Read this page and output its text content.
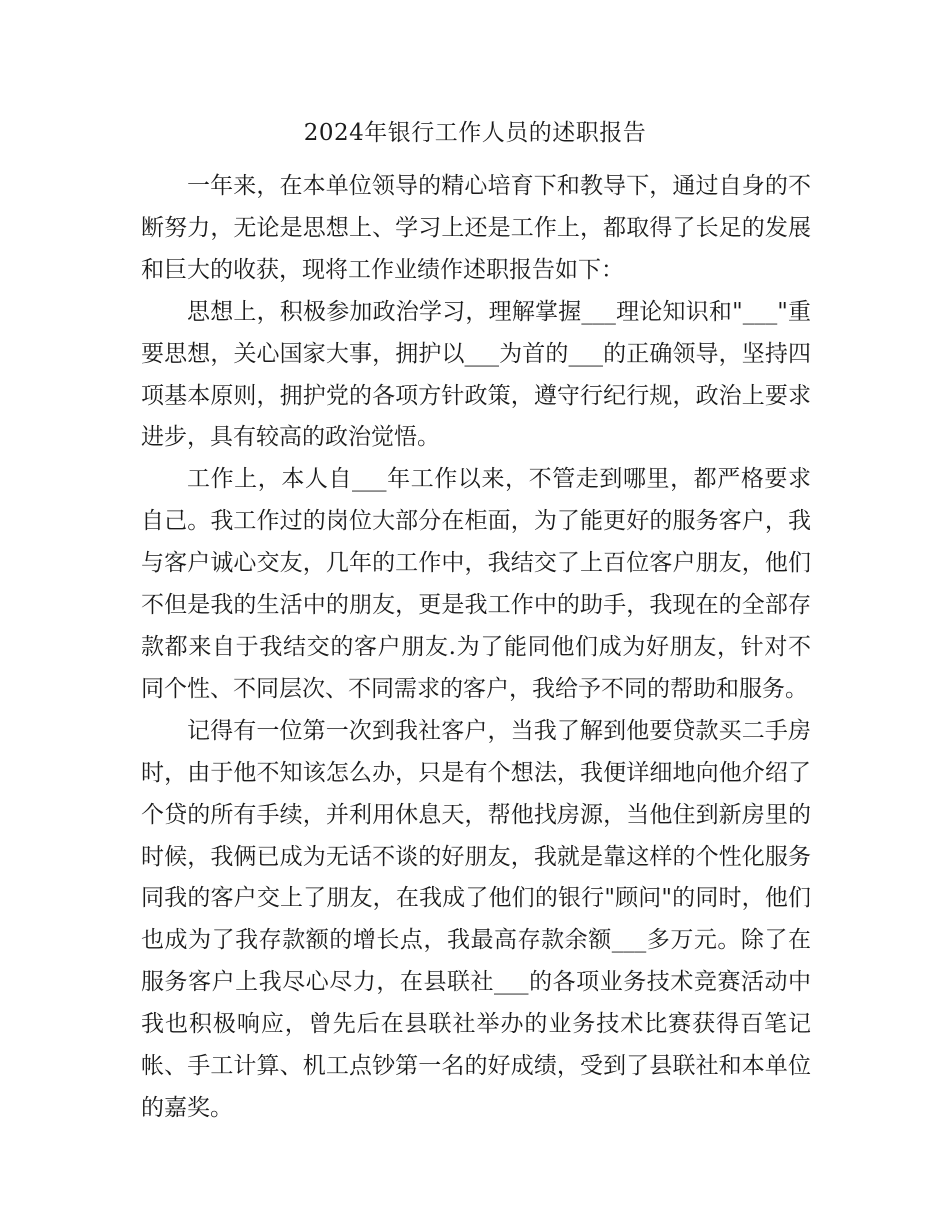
2024年银行工作人员的述职报告

一年来，在本单位领导的精心培育下和教导下，通过自身的不断努力，无论是思想上、学习上还是工作上，都取得了长足的发展和巨大的收获，现将工作业绩作述职报告如下：

思想上，积极参加政治学习，理解掌握___理论知识和"___"重要思想，关心国家大事，拥护以___为首的___的正确领导，坚持四项基本原则，拥护党的各项方针政策，遵守行纪行规，政治上要求进步，具有较高的政治觉悟。

工作上，本人自___年工作以来，不管走到哪里，都严格要求自己。我工作过的岗位大部分在柜面，为了能更好的服务客户，我与客户诚心交友，几年的工作中，我结交了上百位客户朋友，他们不但是我的生活中的朋友，更是我工作中的助手，我现在的全部存款都来自于我结交的客户朋友.为了能同他们成为好朋友，针对不同个性、不同层次、不同需求的客户，我给予不同的帮助和服务。

记得有一位第一次到我社客户，当我了解到他要贷款买二手房时，由于他不知该怎么办，只是有个想法，我便详细地向他介绍了个贷的所有手续，并利用休息天，帮他找房源，当他住到新房里的时候，我俩已成为无话不谈的好朋友，我就是靠这样的个性化服务同我的客户交上了朋友，在我成了他们的银行"顾问"的同时，他们也成为了我存款额的增长点，我最高存款余额___多万元。除了在服务客户上我尽心尽力，在县联社___的各项业务技术竞赛活动中我也积极响应，曾先后在县联社举办的业务技术比赛获得百笔记帐、手工计算、机工点钞第一名的好成绩，受到了县联社和本单位的嘉奖。
